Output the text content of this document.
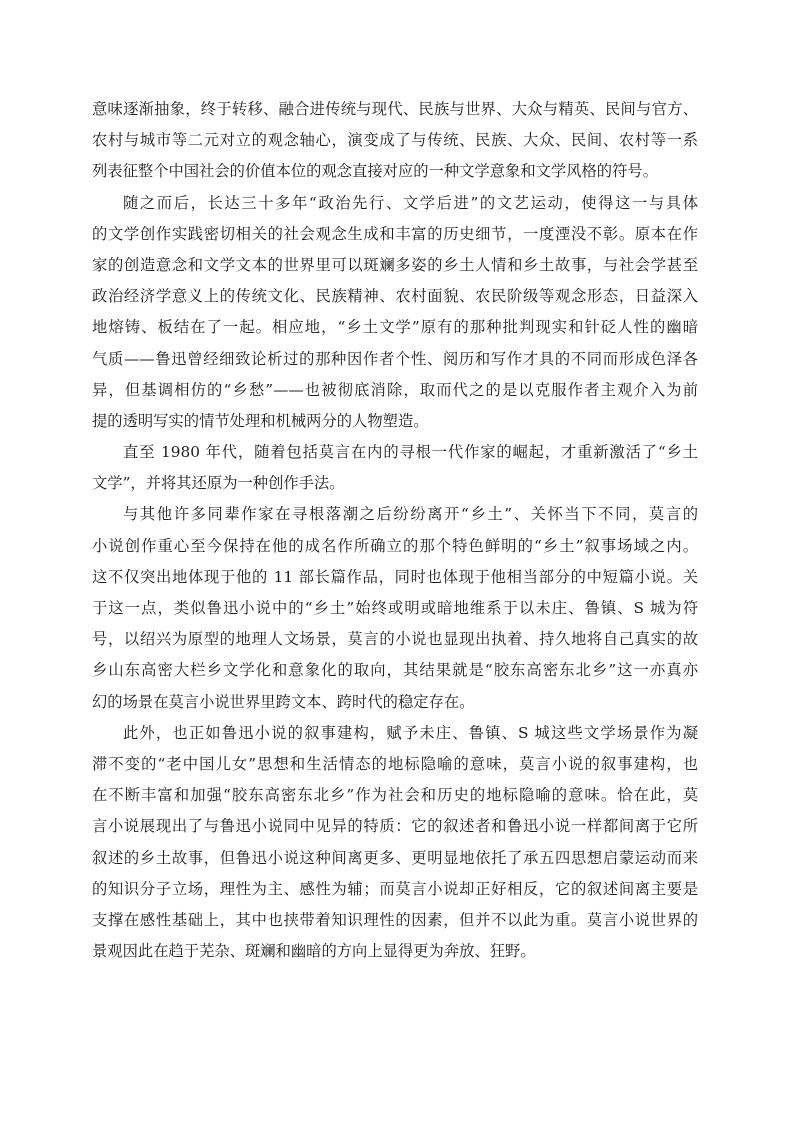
意味逐渐抽象，终于转移、融合进传统与现代、民族与世界、大众与精英、民间与官方、
农村与城市等二元对立的观念轴心，演变成了与传统、民族、大众、民间、农村等一系
列表征整个中国社会的价值本位的观念直接对应的一种文学意象和文学风格的符号。
随之而后，长达三十多年“政治先行、文学后进”的文艺运动，使得这一与具体
的文学创作实践密切相关的社会观念生成和丰富的历史细节，一度湮没不彰。原本在作
家的创造意念和文学文本的世界里可以斑斓多姿的乡土人情和乡土故事，与社会学甚至
政治经济学意义上的传统文化、民族精神、农村面貌、农民阶级等观念形态，日益深入
地熔铸、板结在了一起。相应地，“乡土文学”原有的那种批判现实和针砭人性的幽暗
气质——鲁迅曾经细致论析过的那种因作者个性、阅历和写作才具的不同而形成色泽各
异，但基调相仿的“乡愁”——也被彻底消除，取而代之的是以克服作者主观介入为前
提的透明写实的情节处理和机械两分的人物塑造。
直至 1980 年代，随着包括莫言在内的寻根一代作家的崛起，才重新激活了“乡土
文学”，并将其还原为一种创作手法。
与其他许多同辈作家在寻根落潮之后纷纷离开“乡土”、关怀当下不同，莫言的
小说创作重心至今保持在他的成名作所确立的那个特色鲜明的“乡土”叙事场域之内。
这不仅突出地体现于他的 11 部长篇作品，同时也体现于他相当部分的中短篇小说。关
于这一点，类似鲁迅小说中的“乡土”始终或明或暗地维系于以未庄、鲁镇、S 城为符
号，以绍兴为原型的地理人文场景，莫言的小说也显现出执着、持久地将自己真实的故
乡山东高密大栏乡文学化和意象化的取向，其结果就是“胶东高密东北乡”这一亦真亦
幻的场景在莫言小说世界里跨文本、跨时代的稳定存在。
此外，也正如鲁迅小说的叙事建构，赋予未庄、鲁镇、S 城这些文学场景作为凝
滞不变的“老中国儿女”思想和生活情态的地标隐喻的意味，莫言小说的叙事建构，也
在不断丰富和加强“胶东高密东北乡”作为社会和历史的地标隐喻的意味。恰在此，莫
言小说展现出了与鲁迅小说同中见异的特质：它的叙述者和鲁迅小说一样都间离于它所
叙述的乡土故事，但鲁迅小说这种间离更多、更明显地依托了承五四思想启蒙运动而来
的知识分子立场，理性为主、感性为辅；而莫言小说却正好相反，它的叙述间离主要是
支撑在感性基础上，其中也挟带着知识理性的因素，但并不以此为重。莫言小说世界的
景观因此在趋于芜杂、斑斓和幽暗的方向上显得更为奔放、狂野。
